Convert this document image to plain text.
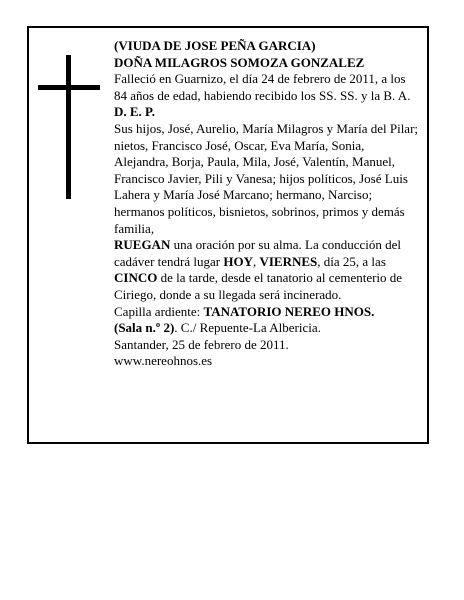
(VIUDA DE JOSE PEÑA GARCIA)

DOÑA MILAGROS SOMOZA GONZALEZ

Falleció en Guarnizo, el día 24 de febrero de 2011, a los 84 años de edad, habiendo recibido los SS. SS. y la B. A.

D. E. P.

Sus hijos, José, Aurelio, María Milagros y María del Pilar; nietos, Francisco José, Oscar, Eva María, Sonia, Alejandra, Borja, Paula, Mila, José, Valentín, Manuel, Francisco Javier, Pili y Vanesa; hijos políticos, José Luis Lahera y María José Marcano; hermano, Narciso; hermanos políticos, bisnietos, sobrinos, primos y demás familia,

RUEGAN una oración por su alma. La conducción del cadáver tendrá lugar HOY, VIERNES, día 25, a las CINCO de la tarde, desde el tanatorio al cementerio de Ciriego, donde a su llegada será incinerado.

Capilla ardiente: TANATORIO NEREO HNOS.

(Sala n.º 2). C./ Repuente-La Albericia.

Santander, 25 de febrero de 2011.

www.nereohnos.es
